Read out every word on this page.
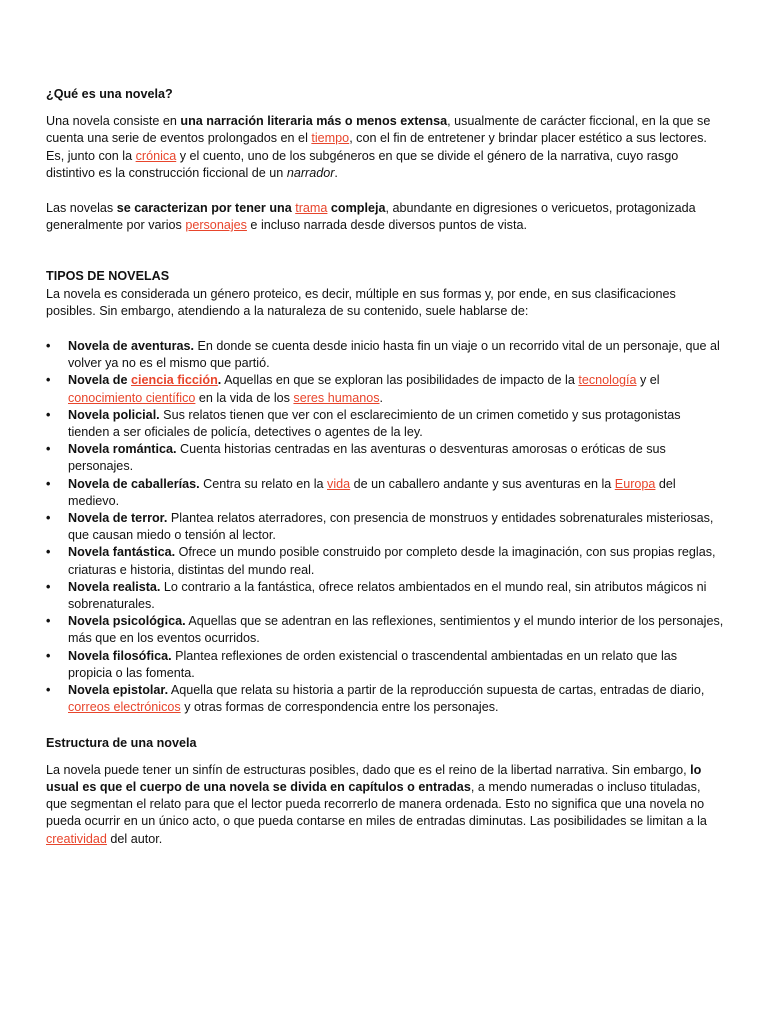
¿Qué es una novela?

Una novela consiste en una narración literaria más o menos extensa, usualmente de carácter ficcional, en la que se cuenta una serie de eventos prolongados en el tiempo, con el fin de entretener y brindar placer estético a sus lectores. Es, junto con la crónica y el cuento, uno de los subgéneros en que se divide el género de la narrativa, cuyo rasgo distintivo es la construcción ficcional de un narrador.

Las novelas se caracterizan por tener una trama compleja, abundante en digresiones o vericuetos, protagonizada generalmente por varios personajes e incluso narrada desde diversos puntos de vista.

TIPOS DE NOVELAS

La novela es considerada un género proteico, es decir, múltiple en sus formas y, por ende, en sus clasificaciones posibles. Sin embargo, atendiendo a la naturaleza de su contenido, suele hablarse de:

• Novela de aventuras. En donde se cuenta desde inicio hasta fin un viaje o un recorrido vital de un personaje, que al volver ya no es el mismo que partió.
• Novela de ciencia ficción. Aquellas en que se exploran las posibilidades de impacto de la tecnología y el conocimiento científico en la vida de los seres humanos.
• Novela policial. Sus relatos tienen que ver con el esclarecimiento de un crimen cometido y sus protagonistas tienden a ser oficiales de policía, detectives o agentes de la ley.
• Novela romántica. Cuenta historias centradas en las aventuras o desventuras amorosas o eróticas de sus personajes.
• Novela de caballerías. Centra su relato en la vida de un caballero andante y sus aventuras en la Europa del medievo.
• Novela de terror. Plantea relatos aterradores, con presencia de monstruos y entidades sobrenaturales misteriosas, que causan miedo o tensión al lector.
• Novela fantástica. Ofrece un mundo posible construido por completo desde la imaginación, con sus propias reglas, criaturas e historia, distintas del mundo real.
• Novela realista. Lo contrario a la fantástica, ofrece relatos ambientados en el mundo real, sin atributos mágicos ni sobrenaturales.
• Novela psicológica. Aquellas que se adentran en las reflexiones, sentimientos y el mundo interior de los personajes, más que en los eventos ocurridos.
• Novela filosófica. Plantea reflexiones de orden existencial o trascendental ambientadas en un relato que las propicia o las fomenta.
• Novela epistolar. Aquella que relata su historia a partir de la reproducción supuesta de cartas, entradas de diario, correos electrónicos y otras formas de correspondencia entre los personajes.

Estructura de una novela

La novela puede tener un sinfín de estructuras posibles, dado que es el reino de la libertad narrativa. Sin embargo, lo usual es que el cuerpo de una novela se divida en capítulos o entradas, a mendo numeradas o incluso tituladas, que segmentan el relato para que el lector pueda recorrerlo de manera ordenada. Esto no significa que una novela no pueda ocurrir en un único acto, o que pueda contarse en miles de entradas diminutas. Las posibilidades se limitan a la creatividad del autor.
